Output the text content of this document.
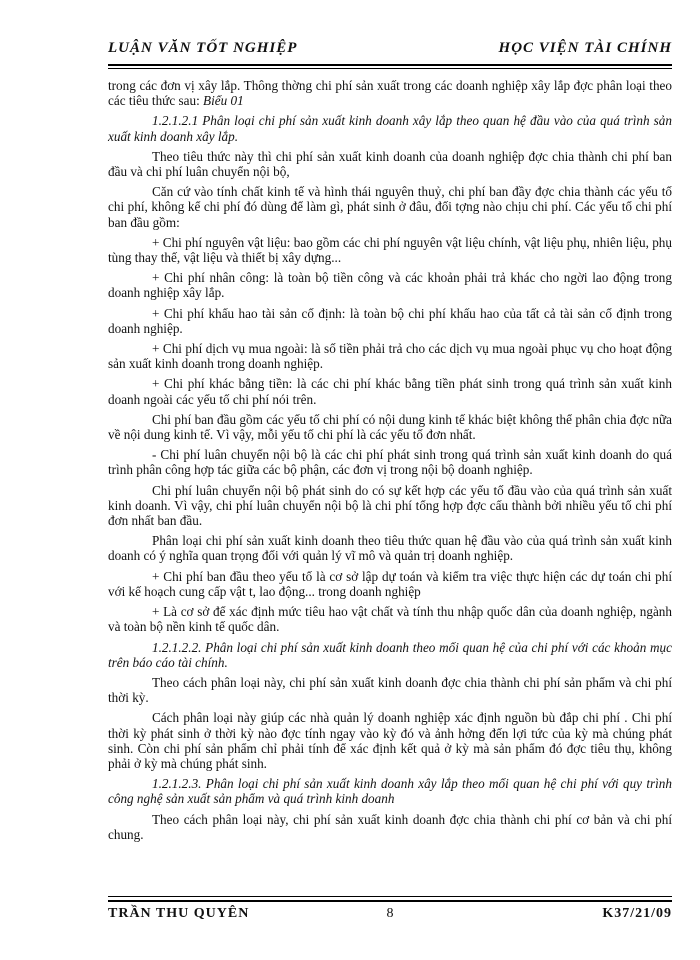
LUẬN VĂN TỐT NGHIỆP	HỌC VIỆN TÀI CHÍNH

trong các đơn vị xây lắp. Thông thờng chi phí sản xuất trong các doanh nghiệp xây lắp đợc phân loại theo các tiêu thức sau: Biểu 01

1.2.1.2.1 Phân loại chi phí sản xuất kinh doanh xây lắp theo quan hệ đầu vào của quá trình sản xuất kinh doanh xây lắp.

Theo tiêu thức này thì chi phí sản xuất kinh doanh của doanh nghiệp đợc chia thành chi phí ban đầu và chi phí luân chuyển nội bộ,

Căn cứ vào tính chất kinh tế và hình thái nguyên thuỷ, chi phí ban đầy đợc chia thành các yếu tố chi phí, không kể chi phí đó dùng để làm gì, phát sinh ở đâu, đối tợng nào chịu chi phí. Các yếu tố chi phí ban đầu gồm:

+ Chi phí nguyên vật liệu: bao gồm các chi phí nguyên vật liệu chính, vật liệu phụ, nhiên liệu, phụ tùng thay thế, vật liệu và thiết bị xây dựng...

+ Chi phí nhân công: là toàn bộ tiền công và các khoản phải trả khác cho ngời lao động trong doanh nghiệp xây lắp.

+ Chi phí khấu hao tài sản cố định: là toàn bộ chi phí khấu hao của tất cả tài sản cố định trong doanh nghiệp.

+ Chi phí dịch vụ mua ngoài: là số tiền phải trả cho các dịch vụ mua ngoài phục vụ cho hoạt động sản xuất kinh doanh trong doanh nghiệp.

+ Chi phí khác bằng tiền: là các chi phí khác bằng tiền phát sinh trong quá trình sản xuất kinh doanh ngoài các yếu tố chi phí nói trên.

Chi phí ban đầu gồm các yếu tố chi phí có nội dung kinh tế khác biệt không thể phân chia đợc nữa về nội dung kinh tế. Vì vậy, mỗi yếu tố chi phí là các yếu tố đơn nhất.

- Chi phí luân chuyển nội bộ là các chi phí phát sinh trong quá trình sản xuất kinh doanh do quá trình phân công hợp tác giữa các bộ phận, các đơn vị trong nội bộ doanh nghiệp.

Chi phí luân chuyển nội bộ phát sinh do có sự kết hợp các yếu tố đầu vào của quá trình sản xuất kinh doanh. Vì vậy, chi phí luân chuyển nội bộ là chi phí tổng hợp đợc cấu thành bởi nhiều yếu tố chi phí đơn nhất ban đầu.

Phân loại chi phí sản xuất kinh doanh theo tiêu thức quan hệ đầu vào của quá trình sản xuất kinh doanh có ý nghĩa quan trọng đối với quản lý vĩ mô và quản trị doanh nghiệp.

+ Chi phí ban đầu theo yếu tố là cơ sở lập dự toán và kiểm tra việc thực hiện các dự toán chi phí với kế hoạch cung cấp vật t, lao động... trong doanh nghiệp

+ Là cơ sở để xác định mức tiêu hao vật chất và tính thu nhập quốc dân của doanh nghiệp, ngành và toàn bộ nền kinh tế quốc dân.

1.2.1.2.2. Phân loại chi phí sản xuất kinh doanh theo mối quan hệ của chi phí với các khoản mục trên báo cáo tài chính.

Theo cách phân loại này, chi phí sản xuất kinh doanh đợc chia thành chi phí sản phẩm và chi phí thời kỳ.

Cách phân loại này giúp các nhà quản lý doanh nghiệp xác định nguồn bù đắp chi phí . Chi phí thời kỳ phát sinh ở thời kỳ nào đợc tính ngay vào kỳ đó và ảnh hởng đến lợi tức của kỳ mà chúng phát sinh. Còn chi phí sản phẩm chỉ phải tính để xác định kết quả ở kỳ mà sản phẩm đó đợc tiêu thụ, không phải ở kỳ mà chúng phát sinh.

1.2.1.2.3. Phân loại chi phí sản xuất kinh doanh xây lắp theo mối quan hệ chi phí với quy trình công nghệ sản xuất sản phẩm và quá trình kinh doanh

Theo cách phân loại này, chi phí sản xuất kinh doanh đợc chia thành chi phí cơ bản và chi phí chung.

TRẦN THU QUYÊN	8	K37/21/09
